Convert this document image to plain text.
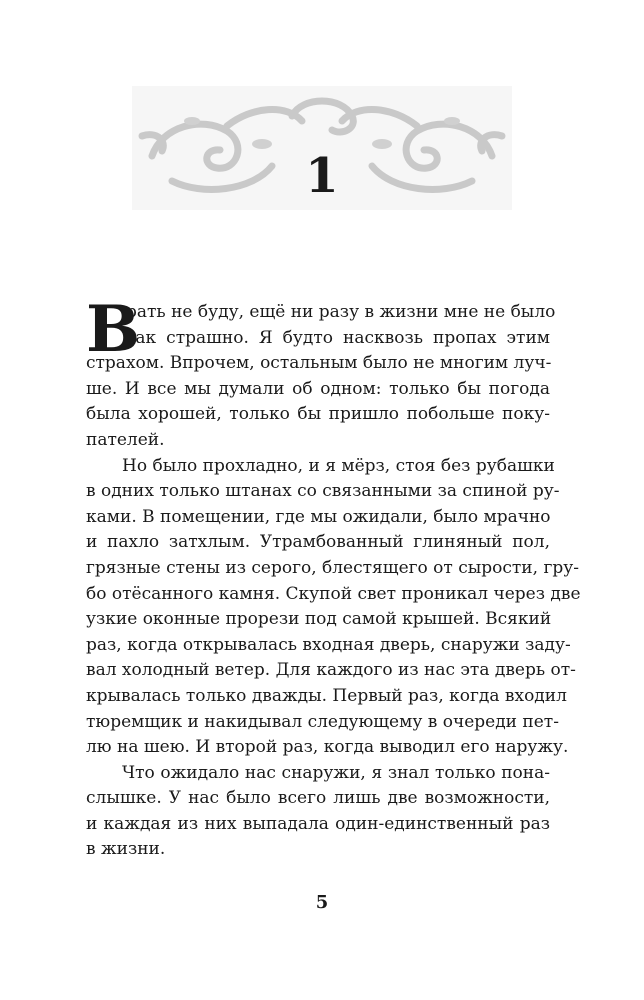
1
В
рать не буду, ещё ни разу в жизни мне не было
так страшно. Я будто насквозь пропах этим
страхом. Впрочем, остальным было не многим луч-
ше. И все мы думали об одном: только бы погода
была хорошей, только бы пришло побольше поку-
пателей.
Но было прохладно, и я мёрз, стоя без рубашки
в одних только штанах со связанными за спиной ру-
ками. В помещении, где мы ожидали, было мрачно
и пахло затхлым. Утрамбованный глиняный пол,
грязные стены из серого, блестящего от сырости, гру-
бо отёсанного камня. Скупой свет проникал через две
узкие оконные прорези под самой крышей. Всякий
раз, когда открывалась входная дверь, снаружи заду-
вал холодный ветер. Для каждого из нас эта дверь от-
крывалась только дважды. Первый раз, когда входил
тюремщик и накидывал следующему в очереди пет-
лю на шею. И второй раз, когда выводил его наружу.
Что ожидало нас снаружи, я знал только пона-
слышке. У нас было всего лишь две возможности,
и каждая из них выпадала один-единственный раз
в жизни.
5
